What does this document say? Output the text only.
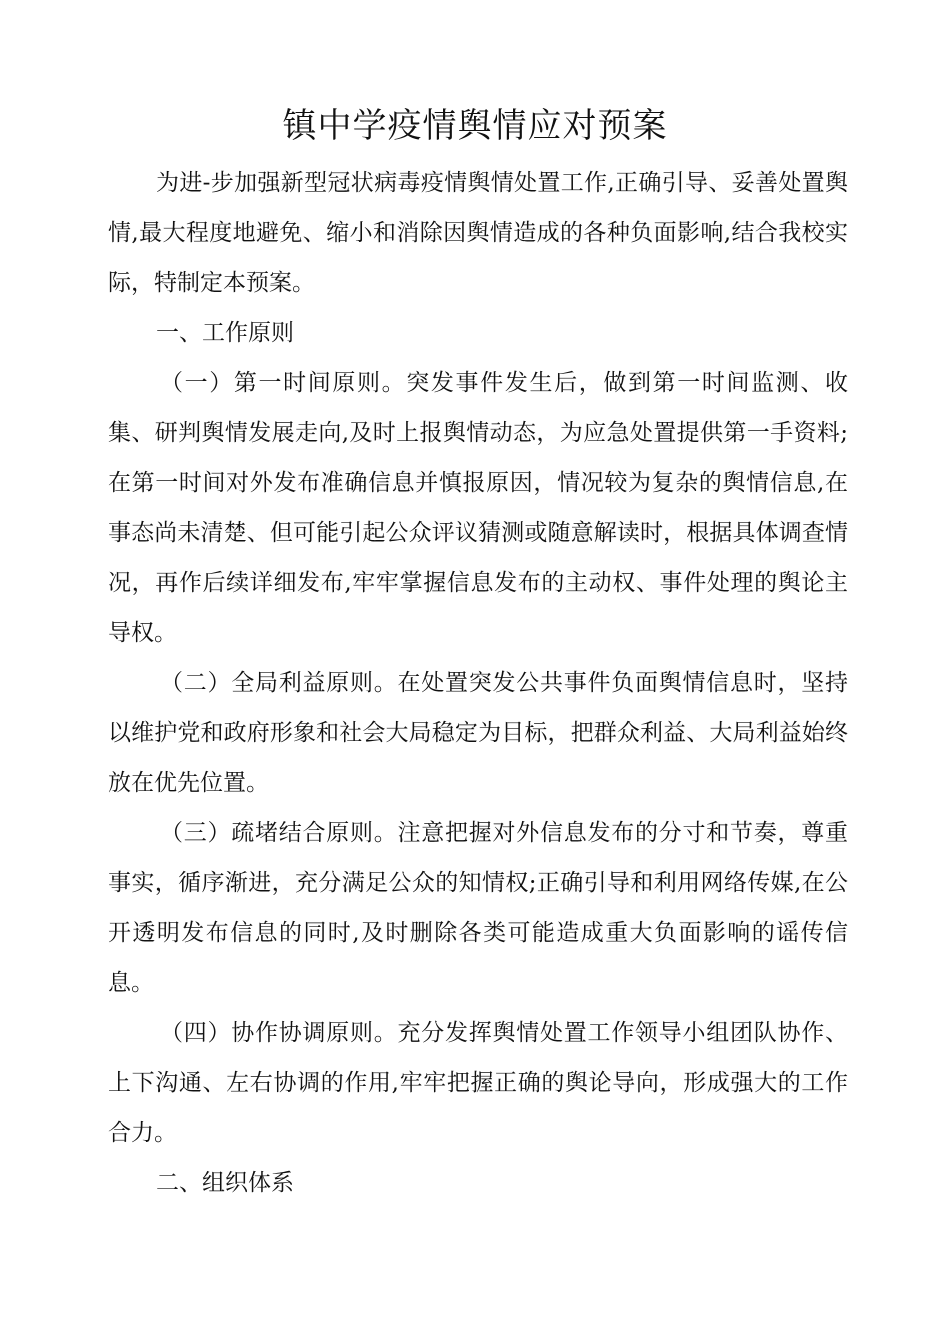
镇中学疫情舆情应对预案

为进-步加强新型冠状病毒疫情舆情处置工作,正确引导、妥善处置舆情,最大程度地避免、缩小和消除因舆情造成的各种负面影响,结合我校实际，特制定本预案。

一、工作原则

（一）第一时间原则。突发事件发生后，做到第一时间监测、收集、研判舆情发展走向,及时上报舆情动态，为应急处置提供第一手资料;在第一时间对外发布准确信息并慎报原因，情况较为复杂的舆情信息,在事态尚未清楚、但可能引起公众评议猜测或随意解读时，根据具体调查情况，再作后续详细发布,牢牢掌握信息发布的主动权、事件处理的舆论主导权。

（二）全局利益原则。在处置突发公共事件负面舆情信息时，坚持以维护党和政府形象和社会大局稳定为目标，把群众利益、大局利益始终放在优先位置。

（三）疏堵结合原则。注意把握对外信息发布的分寸和节奏，尊重事实，循序渐进，充分满足公众的知情权;正确引导和利用网络传媒,在公开透明发布信息的同时,及时删除各类可能造成重大负面影响的谣传信息。

（四）协作协调原则。充分发挥舆情处置工作领导小组团队协作、上下沟通、左右协调的作用,牢牢把握正确的舆论导向，形成强大的工作合力。

二、组织体系
